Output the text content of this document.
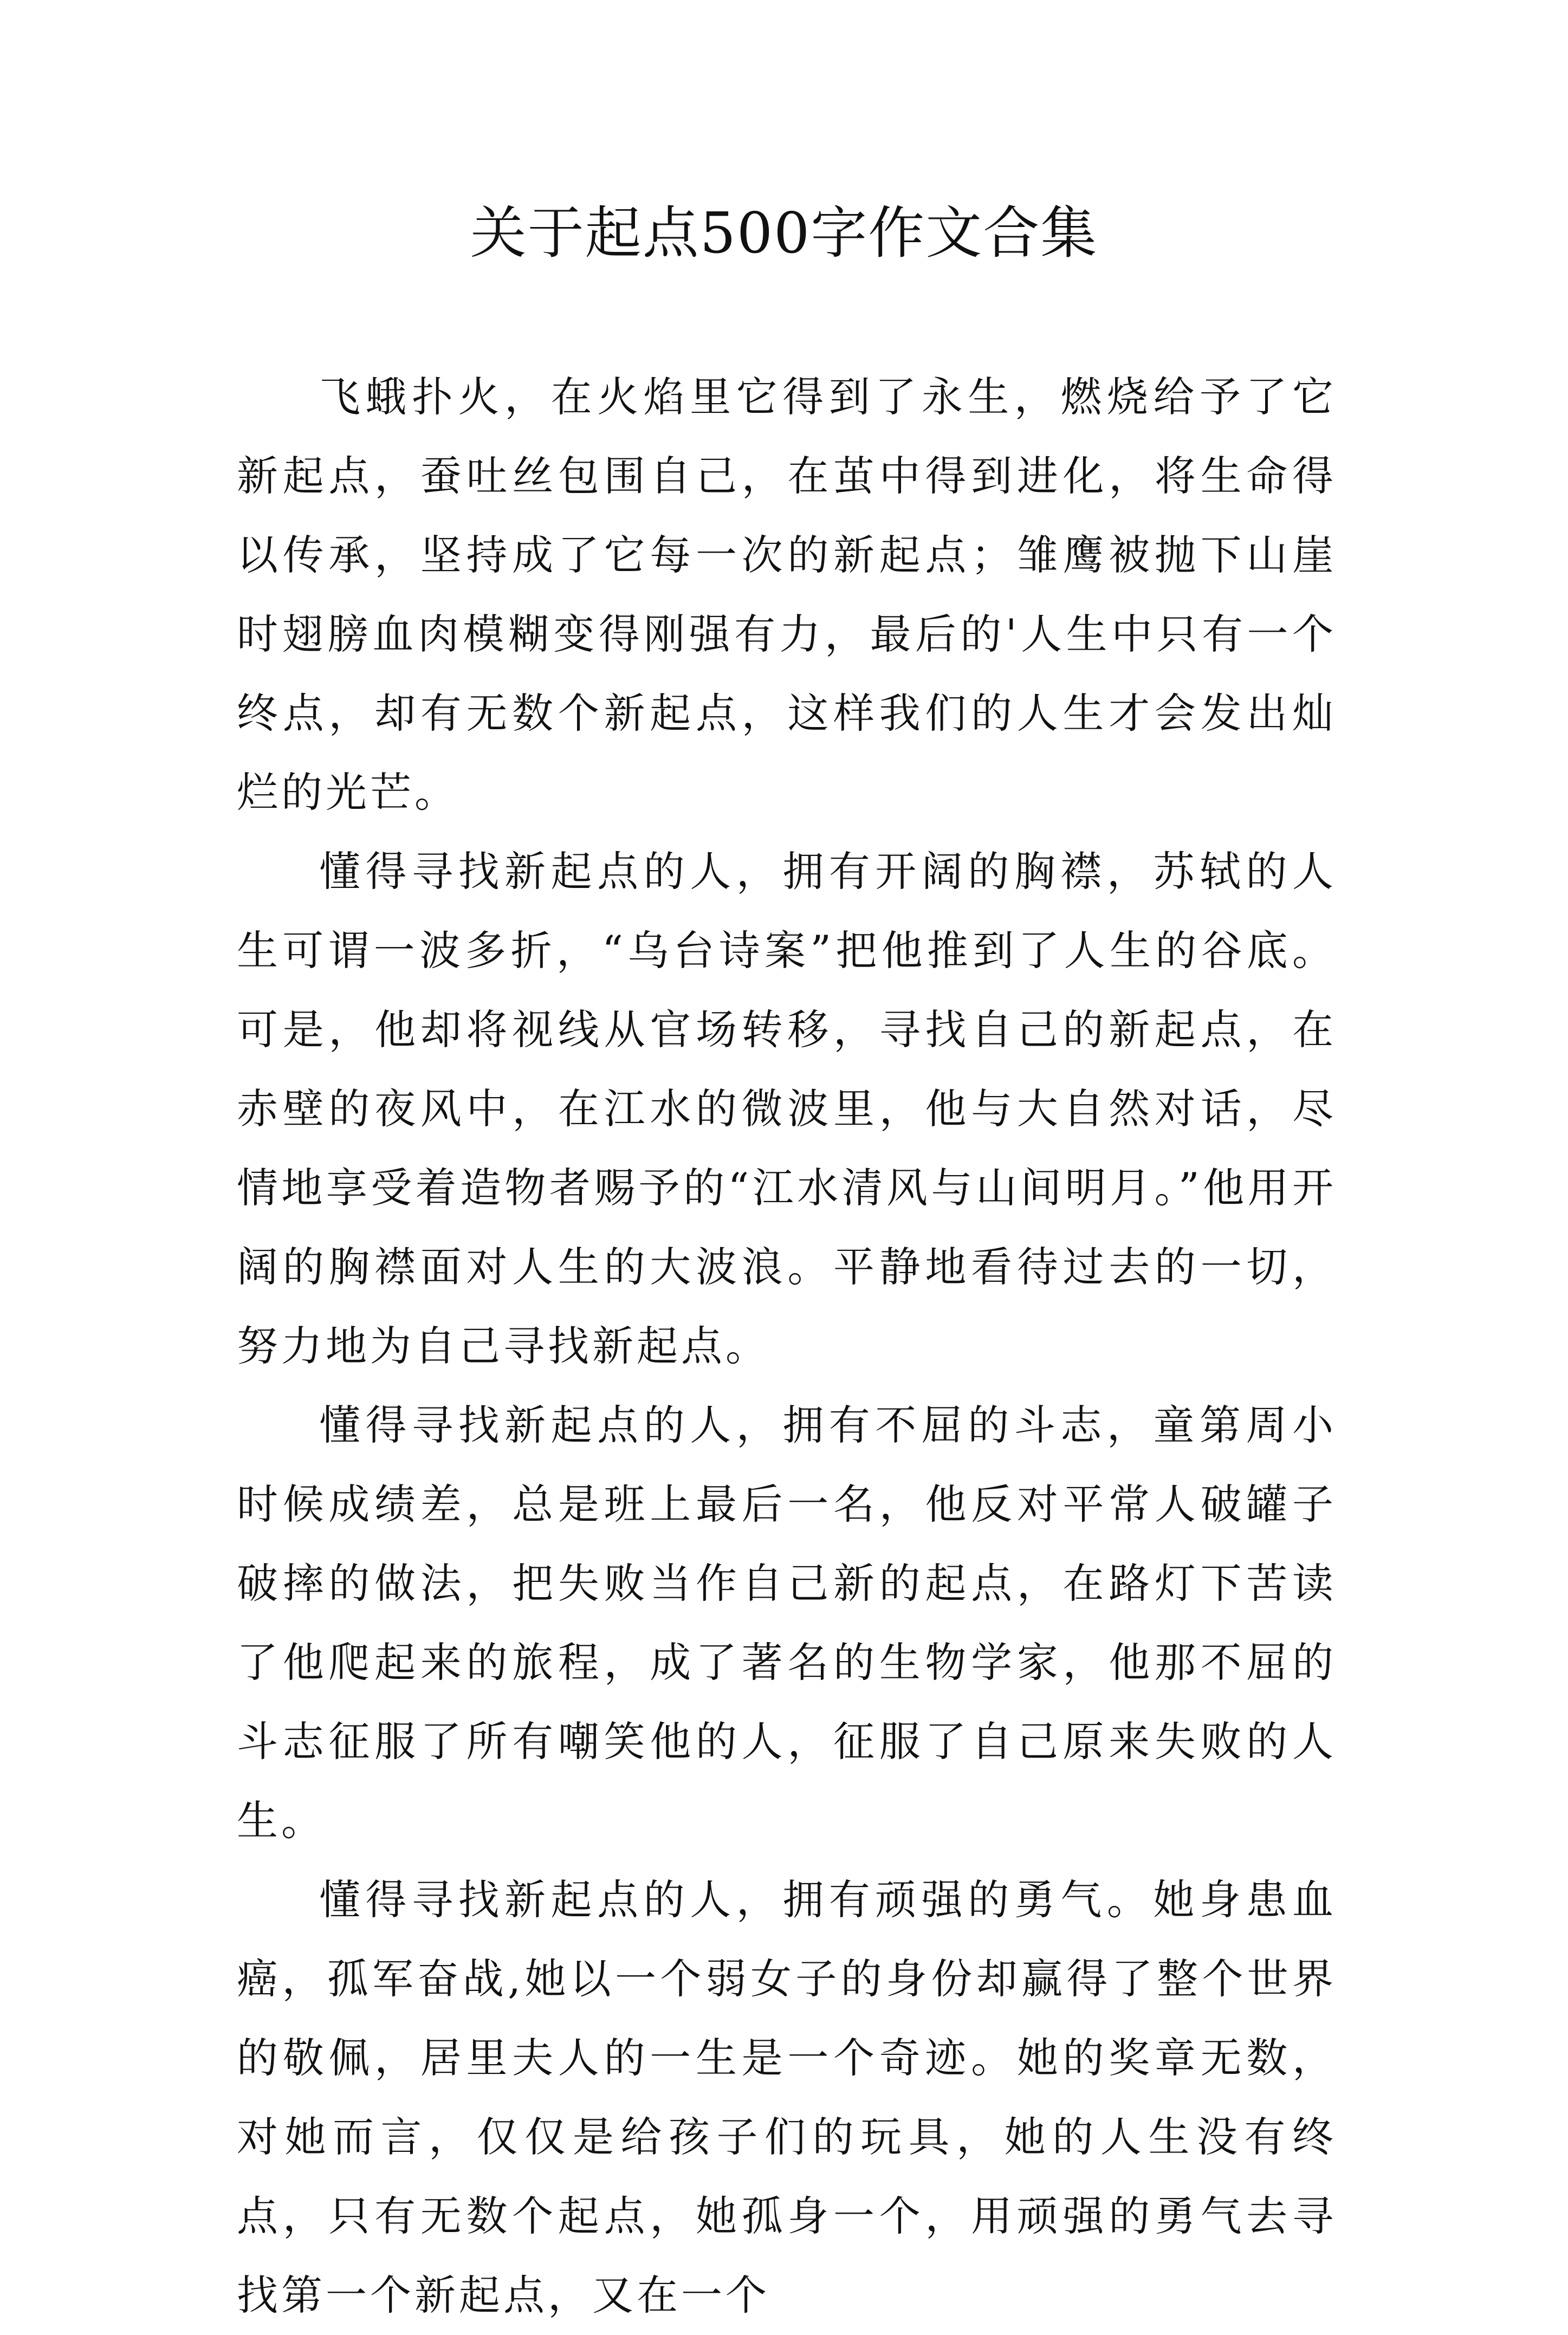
关于起点500字作文合集

飞蛾扑火，在火焰里它得到了永生，燃烧给予了它新起点，蚕吐丝包围自己，在茧中得到进化，将生命得以传承，坚持成了它每一次的新起点；雏鹰被抛下山崖时翅膀血肉模糊变得刚强有力，最后的'人生中只有一个终点，却有无数个新起点，这样我们的人生才会发出灿烂的光芒。

懂得寻找新起点的人，拥有开阔的胸襟，苏轼的人生可谓一波多折，“乌台诗案”把他推到了人生的谷底。可是，他却将视线从官场转移，寻找自己的新起点，在赤壁的夜风中，在江水的微波里，他与大自然对话，尽情地享受着造物者赐予的“江水清风与山间明月。”他用开阔的胸襟面对人生的大波浪。平静地看待过去的一切，努力地为自己寻找新起点。

懂得寻找新起点的人，拥有不屈的斗志，童第周小时候成绩差，总是班上最后一名，他反对平常人破罐子破摔的做法，把失败当作自己新的起点，在路灯下苦读了他爬起来的旅程，成了著名的生物学家，他那不屈的斗志征服了所有嘲笑他的人，征服了自己原来失败的人生。

懂得寻找新起点的人，拥有顽强的勇气。她身患血癌，孤军奋战,她以一个弱女子的身份却赢得了整个世界的敬佩，居里夫人的一生是一个奇迹。她的奖章无数，对她而言，仅仅是给孩子们的玩具，她的人生没有终点，只有无数个起点，她孤身一个，用顽强的勇气去寻找第一个新起点，又在一个
